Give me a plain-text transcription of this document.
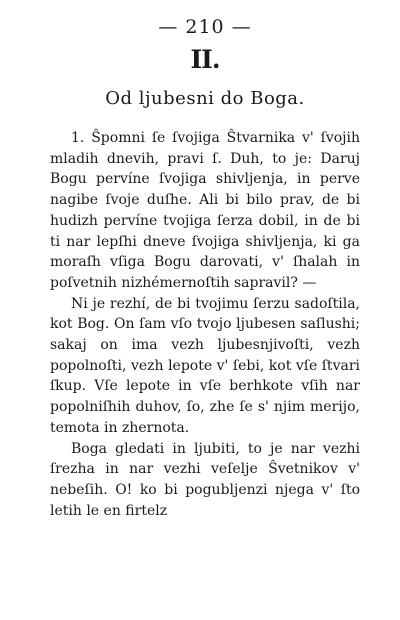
— 210 —
II.
Od ljubesni do Boga.

1. Ŝpomni ſe ſvojiga Ŝtvarnika v' ſvojih mladih dnevih, pravi ſ. Duh, to je: Daruj Bogu pervíne ſvojiga shivljenja, in perve nagibe ſvoje duſhe. Ali bi bilo prav, de bi hudizh pervíne tvojiga ſerza dobil, in de bi ti nar lepſhi dneve ſvojiga shivljenja, ki ga moraſh vſiga Bogu darovati, v' ſhalah in poſvetnih nizhémernoſtih sapravil? —

Ni je rezhí, de bi tvojimu ſerzu sadoſtila, kot Bog. On ſam vſo tvojo ljubesen saſlushi; sakaj on ima vezh ljubesnjivoſti, vezh popolnoſti, vezh lepote v' ſebi, kot vſe ſtvari ſkup. Vſe lepote in vſe berhkote vſih nar popolniſhih duhov, ſo, zhe ſe s' njim merijo, temota in zhernota.

Boga gledati in ljubiti, to je nar vezhi ſrezha in nar vezhi veſelje Ŝvetnikov v' nebeſih. O! ko bi pogubljenzi njega v' ſto letih le en firtelz
